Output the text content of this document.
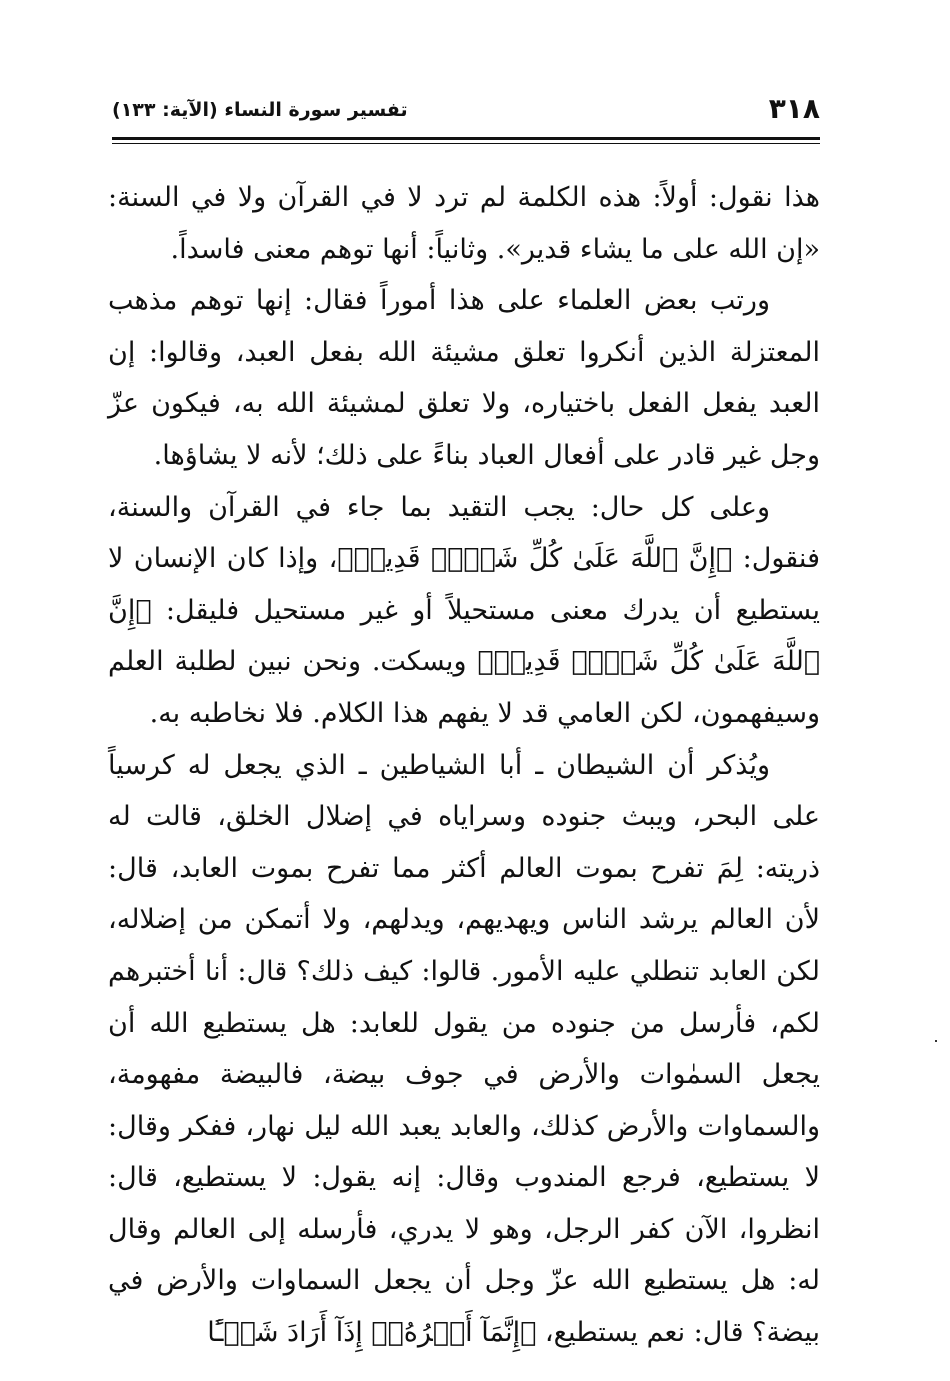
٣١٨
تفسير سورة النساء (الآية: ١٣٣)

هذا نقول: أولاً: هذه الكلمة لم ترد لا في القرآن ولا في السنة: «إن الله على ما يشاء قدير». وثانياً: أنها توهم معنى فاسداً.

ورتب بعض العلماء على هذا أموراً فقال: إنها توهم مذهب المعتزلة الذين أنكروا تعلق مشيئة الله بفعل العبد، وقالوا: إن العبد يفعل الفعل باختياره، ولا تعلق لمشيئة الله به، فيكون عزّ وجل غير قادر على أفعال العباد بناءً على ذلك؛ لأنه لا يشاؤها.

وعلى كل حال: يجب التقيد بما جاء في القرآن والسنة، فنقول: ﴿إِنَّ ٱللَّهَ عَلَىٰ كُلِّ شَيۡءٖ قَدِيرٞ﴾، وإذا كان الإنسان لا يستطيع أن يدرك معنى مستحيلاً أو غير مستحيل فليقل: ﴿إِنَّ ٱللَّهَ عَلَىٰ كُلِّ شَيۡءٖ قَدِيرٞ﴾ ويسكت. ونحن نبين لطلبة العلم وسيفهمون، لكن العامي قد لا يفهم هذا الكلام. فلا نخاطبه به.

ويُذكر أن الشيطان ـ أبا الشياطين ـ الذي يجعل له كرسياً على البحر، ويبث جنوده وسراياه في إضلال الخلق، قالت له ذريته: لِمَ تفرح بموت العالم أكثر مما تفرح بموت العابد، قال: لأن العالم يرشد الناس ويهديهم، ويدلهم، ولا أتمكن من إضلاله، لكن العابد تنطلي عليه الأمور. قالوا: كيف ذلك؟ قال: أنا أختبرهم لكم، فأرسل من جنوده من يقول للعابد: هل يستطيع الله أن يجعل السمٰوات والأرض في جوف بيضة، فالبيضة مفهومة، والسماوات والأرض كذلك، والعابد يعبد الله ليل نهار، ففكر وقال: لا يستطيع، فرجع المندوب وقال: إنه يقول: لا يستطيع، قال: انظروا، الآن كفر الرجل، وهو لا يدري، فأرسله إلى العالم وقال له: هل يستطيع الله عزّ وجل أن يجعل السماوات والأرض في بيضة؟ قال: نعم يستطيع، ﴿إِنَّمَآ أَمۡرُهُۥٓ إِذَآ أَرَادَ شَيۡـًٔا
